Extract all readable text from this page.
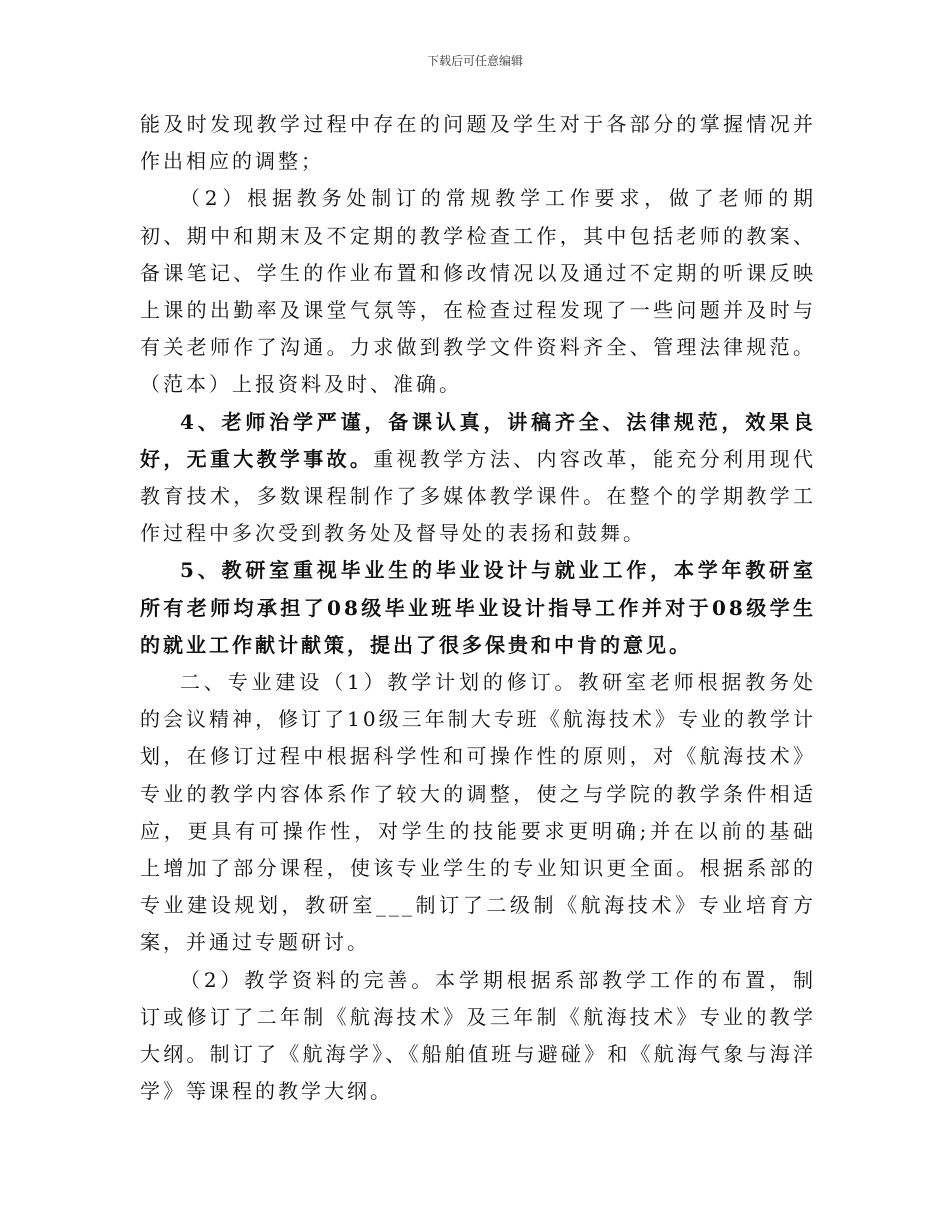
下载后可任意编辑

能及时发现教学过程中存在的问题及学生对于各部分的掌握情况并作出相应的调整；

（2）根据教务处制订的常规教学工作要求，做了老师的期初、期中和期末及不定期的教学检查工作，其中包括老师的教案、备课笔记、学生的作业布置和修改情况以及通过不定期的听课反映上课的出勤率及课堂气氛等，在检查过程发现了一些问题并及时与有关老师作了沟通。力求做到教学文件资料齐全、管理法律规范。（范本）上报资料及时、准确。

4、老师治学严谨，备课认真，讲稿齐全、法律规范，效果良好，无重大教学事故。重视教学方法、内容改革，能充分利用现代教育技术，多数课程制作了多媒体教学课件。在整个的学期教学工作过程中多次受到教务处及督导处的表扬和鼓舞。

5、教研室重视毕业生的毕业设计与就业工作，本学年教研室所有老师均承担了08级毕业班毕业设计指导工作并对于08级学生的就业工作献计献策，提出了很多保贵和中肯的意见。

二、专业建设（1）教学计划的修订。教研室老师根据教务处的会议精神，修订了10级三年制大专班《航海技术》专业的教学计划，在修订过程中根据科学性和可操作性的原则，对《航海技术》专业的教学内容体系作了较大的调整，使之与学院的教学条件相适应，更具有可操作性，对学生的技能要求更明确;并在以前的基础上增加了部分课程，使该专业学生的专业知识更全面。根据系部的专业建设规划，教研室___制订了二级制《航海技术》专业培育方案，并通过专题研讨。

（2）教学资料的完善。本学期根据系部教学工作的布置，制订或修订了二年制《航海技术》及三年制《航海技术》专业的教学大纲。制订了《航海学》、《船舶值班与避碰》和《航海气象与海洋学》等课程的教学大纲。
